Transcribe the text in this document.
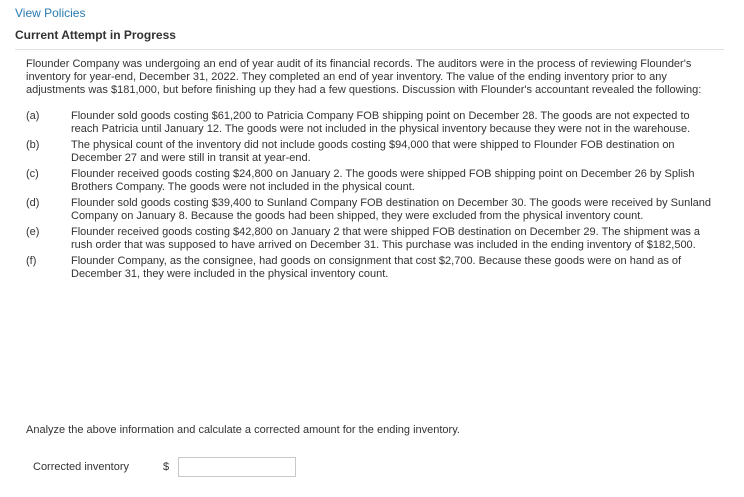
View Policies
Current Attempt in Progress

Flounder Company was undergoing an end of year audit of its financial records. The auditors were in the process of reviewing Flounder's inventory for year-end, December 31, 2022. They completed an end of year inventory. The value of the ending inventory prior to any adjustments was $181,000, but before finishing up they had a few questions. Discussion with Flounder's accountant revealed the following:

(a)	Flounder sold goods costing $61,200 to Patricia Company FOB shipping point on December 28. The goods are not expected to reach Patricia until January 12. The goods were not included in the physical inventory because they were not in the warehouse.
(b)	The physical count of the inventory did not include goods costing $94,000 that were shipped to Flounder FOB destination on December 27 and were still in transit at year-end.
(c)	Flounder received goods costing $24,800 on January 2. The goods were shipped FOB shipping point on December 26 by Splish Brothers Company. The goods were not included in the physical count.
(d)	Flounder sold goods costing $39,400 to Sunland Company FOB destination on December 30. The goods were received by Sunland Company on January 8. Because the goods had been shipped, they were excluded from the physical inventory count.
(e)	Flounder received goods costing $42,800 on January 2 that were shipped FOB destination on December 29. The shipment was a rush order that was supposed to have arrived on December 31. This purchase was included in the ending inventory of $182,500.
(f)	Flounder Company, as the consignee, had goods on consignment that cost $2,700. Because these goods were on hand as of December 31, they were included in the physical inventory count.
Analyze the above information and calculate a corrected amount for the ending inventory.
Corrected inventory	$
